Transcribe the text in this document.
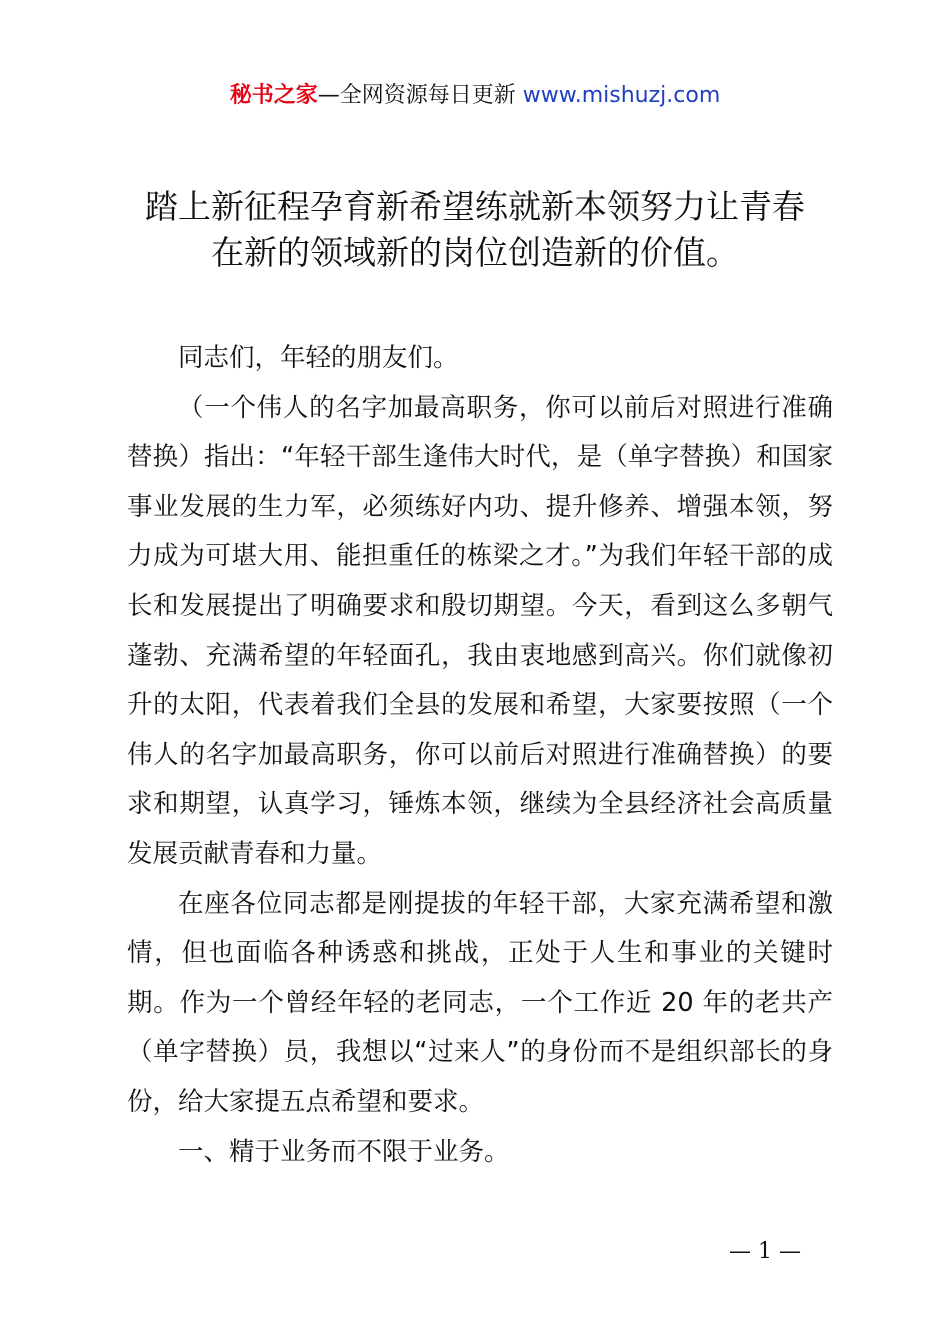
秘书之家—全网资源每日更新 www.mishuzj.com
踏上新征程孕育新希望练就新本领努力让青春
在新的领域新的岗位创造新的价值。

同志们，年轻的朋友们。

（一个伟人的名字加最高职务，你可以前后对照进行准确替换）指出：“年轻干部生逢伟大时代，是（单字替换）和国家事业发展的生力军，必须练好内功、提升修养、增强本领，努力成为可堪大用、能担重任的栋梁之才。”为我们年轻干部的成长和发展提出了明确要求和殷切期望。今天，看到这么多朝气蓬勃、充满希望的年轻面孔，我由衷地感到高兴。你们就像初升的太阳，代表着我们全县的发展和希望，大家要按照（一个伟人的名字加最高职务，你可以前后对照进行准确替换）的要求和期望，认真学习，锤炼本领，继续为全县经济社会高质量发展贡献青春和力量。

在座各位同志都是刚提拔的年轻干部，大家充满希望和激情，但也面临各种诱惑和挑战，正处于人生和事业的关键时期。作为一个曾经年轻的老同志，一个工作近 20 年的老共产（单字替换）员，我想以“过来人”的身份而不是组织部长的身份，给大家提五点希望和要求。

一、精于业务而不限于业务。

— 1 —
